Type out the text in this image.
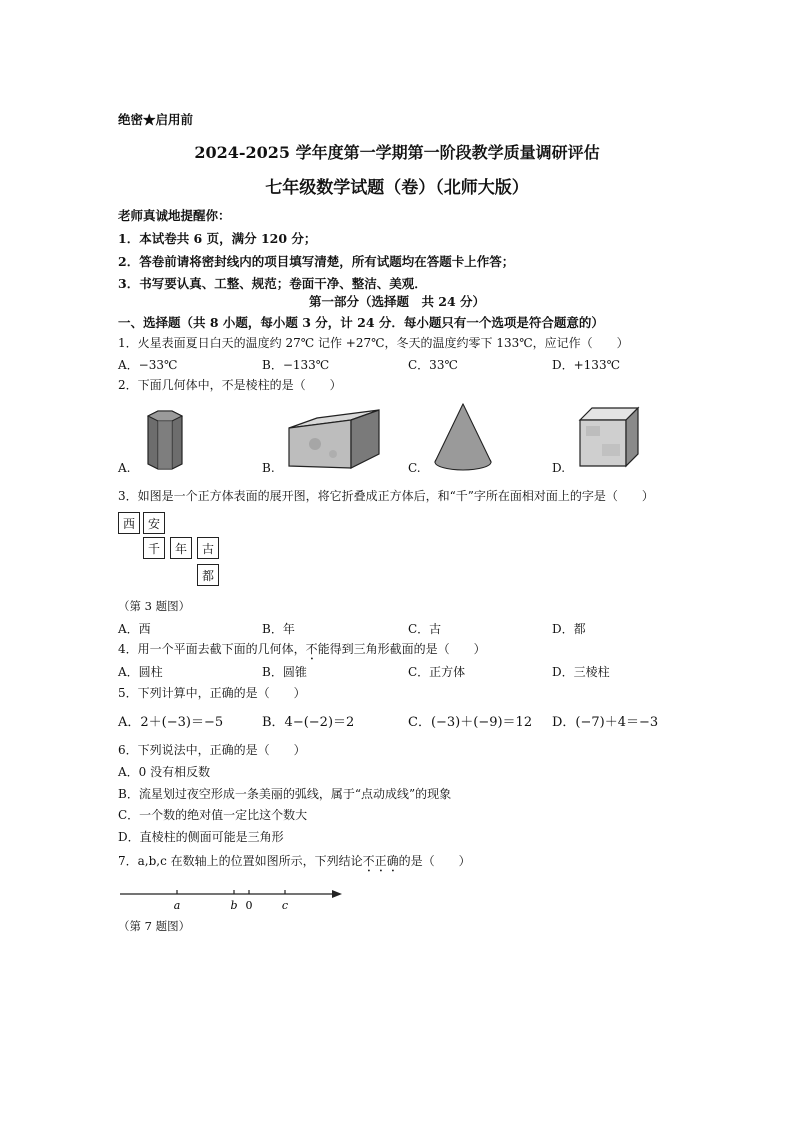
绝密★启用前
2024-2025 学年度第一学期第一阶段教学质量调研评估
七年级数学试题（卷）（北师大版）
老师真诚地提醒你：
1．本试卷共 6 页，满分 120 分；
2．答卷前请将密封线内的项目填写清楚，所有试题均在答题卡上作答；
3．书写要认真、工整、规范；卷面干净、整洁、美观．
第一部分（选择题　共 24 分）
一、选择题（共 8 小题，每小题 3 分，计 24 分．每小题只有一个选项是符合题意的）
1．火星表面夏日白天的温度约 27℃ 记作 +27℃，冬天的温度约零下 133℃，应记作（　　）
A．−33℃	B．−133℃	C．33℃	D．+133℃
2．下面几何体中，不是棱柱的是（　　）
A.	B.	C.	D.
3．如图是一个正方体表面的展开图，将它折叠成正方体后，和“千”字所在面相对面上的字是（　　）
西	安
千	年	古
都
（第 3 题图）
A．西	B．年	C．古	D．都
4．用一个平面去截下面的几何体，不能得到三角形截面的是（　　）
A．圆柱	B．圆锥	C．正方体	D．三棱柱
5．下列计算中，正确的是（　　）
A．2＋(−3)＝−5	B．4−(−2)＝2	C．(−3)＋(−9)＝12 D．(−7)＋4＝−3
6．下列说法中，正确的是（　　）
A．0 没有相反数
B．流星划过夜空形成一条美丽的弧线，属于“点动成线”的现象
C．一个数的绝对值一定比这个数大
D．直棱柱的侧面可能是三角形
7．a,b,c 在数轴上的位置如图所示，下列结论不正确的是（　　）
a	b 0	c
（第 7 题图）
